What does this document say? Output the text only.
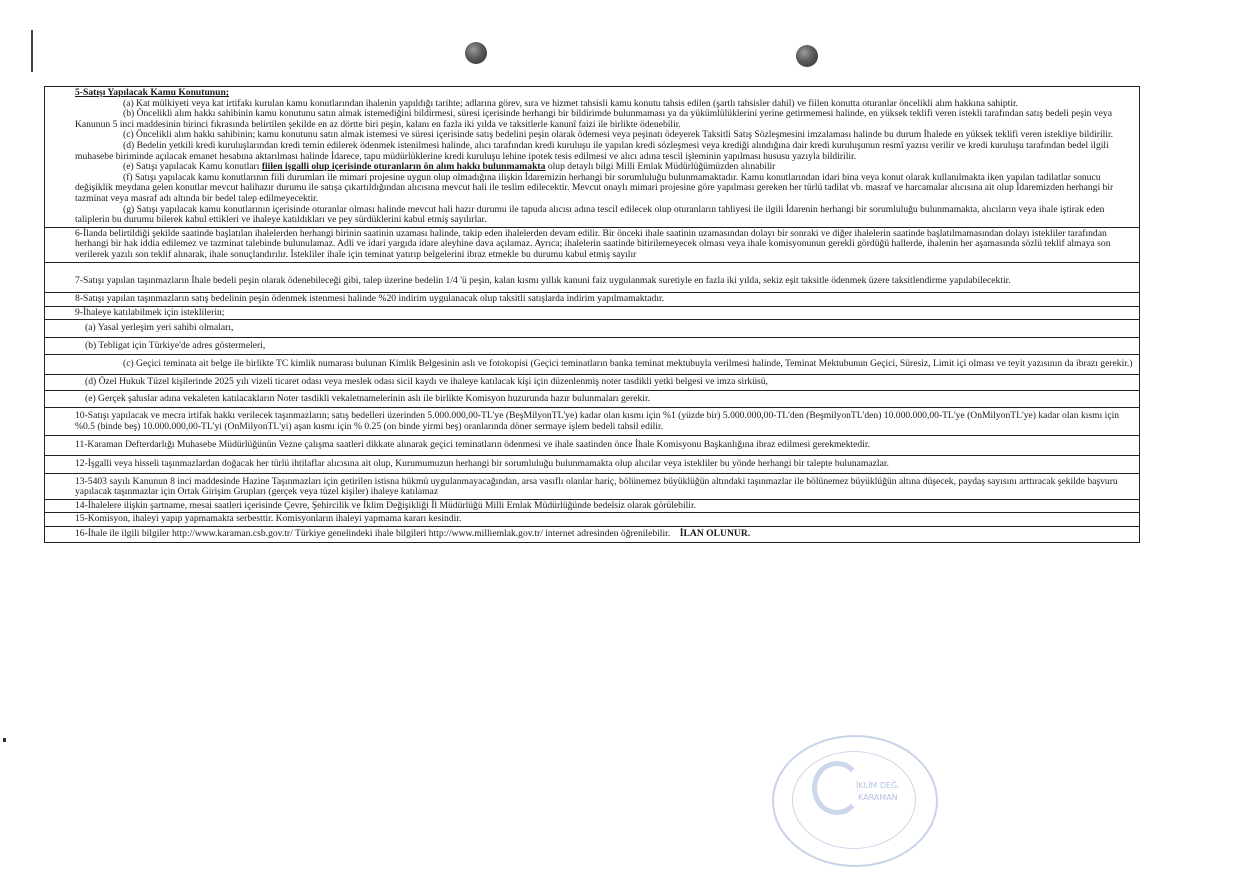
5-Satışı Yapılacak Kamu Konutunun;

(a) Kat mülkiyeti veya kat irtifakı kurulan kamu konutlarından ihalenin yapıldığı tarihte; adlarına görev, sıra ve hizmet tahsisli kamu konutu tahsis edilen (şartlı tahsisler dahil) ve fiilen konutta oturanlar öncelikli alım hakkına sahiptir.

(b) Öncelikli alım hakkı sahibinin kamu konutunu satın almak istemediğini bildirmesi, süresi içerisinde herhangi bir bildirimde bulunmaması ya da yükümlülüklerini yerine getirmemesi halinde, en yüksek teklifi veren istekli tarafından satış bedeli peşin veya Kanunun 5 inci maddesinin birinci fıkrasında belirtilen şekilde en az dörtte biri peşin, kalanı en fazla iki yılda ve taksitlerle kanunî faizi ile birlikte ödenebilir.

(c) Öncelikli alım hakkı sahibinin; kamu konutunu satın almak istemesi ve süresi içerisinde satış bedelini peşin olarak ödemesi veya peşinatı ödeyerek Taksitli Satış Sözleşmesini imzalaması halinde bu durum İhalede en yüksek teklifi veren istekliye bildirilir.

(d) Bedelin yetkili kredi kuruluşlarından kredi temin edilerek ödenmek istenilmesi halinde, alıcı tarafından kredi kuruluşu ile yapılan kredi sözleşmesi veya krediği alındığına dair kredi kuruluşunun resmî yazısı verilir ve kredi kuruluşu tarafından bedel ilgili muhasebe biriminde açılacak emanet hesabına aktarılması halinde İdarece, tapu müdürlüklerine kredi kuruluşu lehine ipotek tesis edilmesi ve alıcı adına tescil işleminin yapılması hususu yazıyla bildirilir.

(e) Satışı yapılacak Kamu konutları fiilen işgalli olup içerisinde oturanların ön alım hakkı bulunmamakta olup detaylı bilgi Milli Emlak Müdürlüğümüzden alınabilir

(f) Satışı yapılacak kamu konutlarının fiili durumları ile mimari projesine uygun olup olmadığına ilişkin İdaremizin herhangi bir sorumluluğu bulunmamaktadır. Kamu konutlarından idari bina veya konut olarak kullanılmakta iken yapılan tadilatlar sonucu değişiklik meydana gelen konutlar mevcut halihazır durumu ile satışa çıkartıldığından alıcısına mevcut hali ile teslim edilecektir. Mevcut onaylı mimari projesine göre yapılması gereken her türlü tadilat vb. masraf ve harcamalar alıcısına ait olup İdaremizden herhangi bir tazminat veya masraf adı altında bir bedel talep edilmeyecektir.

(g) Satışı yapılacak kamu konutlarının içerisinde oturanlar olması halinde mevcut hali hazır durumu ile tapuda alıcısı adına tescil edilecek olup oturanların tahliyesi ile ilgili İdarenin herhangi bir sorumluluğu bulunmamakta, alıcıların veya ihale iştirak eden taliplerin bu durumu bilerek kabul ettikleri ve ihaleye katıldıkları ve pey sürdüklerini kabul etmiş sayılırlar.

6-İlanda belirtildiği şekilde saatinde başlatılan ihalelerden herhangi birinin saatinin uzaması halinde, takip eden ihalelerden devam edilir. Bir önceki ihale saatinin uzamasından dolayı bir sonraki ve diğer ihalelerin saatinde başlatılmamasından dolayı istekliler tarafından herhangi bir hak iddia edilemez ve tazminat talebinde bulunulamaz. Adli ve idari yargıda idare aleyhine dava açılamaz. Ayrıca; ihalelerin saatinde bitirilemeyecek olması veya ihale komisyonunun gerekli gördüğü hallerde, ihalenin her aşamasında sözlü teklif almaya son verilerek yazılı son teklif alınarak, ihale sonuçlandırılır. İstekliler ihale için teminat yatırıp belgelerini ibraz etmekle bu durumu kabul etmiş sayılır

7-Satışı yapılan taşınmazların İhale bedeli peşin olarak ödenebileceği gibi, talep üzerine bedelin 1/4 'ü peşin, kalan kısmı yıllık kanuni faiz uygulanmak suretiyle en fazla iki yılda, sekiz eşit taksitle ödenmek üzere taksitlendirme yapılabilecektir.

8-Satışı yapılan taşınmazların satış bedelinin peşin ödenmek istenmesi halinde %20 indirim uygulanacak olup taksitli satışlarda indirim yapılmamaktadır.

9-İhaleye katılabilmek için isteklilerin;

(a) Yasal yerleşim yeri sahibi olmaları,

(b) Tebligat için Türkiye'de adres göstermeleri,

(c) Geçici teminata ait belge ile birlikte TC kimlik numarası bulunan Kimlik Belgesinin aslı ve fotokopisi (Geçici teminatların banka teminat mektubuyla verilmesi halinde, Teminat Mektubunun Geçici, Süresiz, Limit içi olması ve teyit yazısının da ibrazı gerekir.)

(d) Özel Hukuk Tüzel kişilerinde 2025 yılı vizeli ticaret odası veya meslek odası sicil kaydı ve ihaleye katılacak kişi için düzenlenmiş noter tasdikli yetki belgesi ve imza sirküsü,

(e) Gerçek şahıslar adına vekaleten katılacakların Noter tasdikli vekaletnamelerinin aslı ile birlikte Komisyon huzurunda hazır bulunmaları gerekir.

10-Satışı yapılacak ve mecra irtifak hakkı verilecek taşınmazların; satış bedelleri üzerinden 5.000.000,00-TL'ye (BeşMilyonTL'ye) kadar olan kısmı için %1 (yüzde bir) 5.000.000,00-TL'den (BeşmilyonTL'den) 10.000.000,00-TL'ye (OnMilyonTL'ye) kadar olan kısmı için %0.5 (binde beş) 10.000.000,00-TL'yi (OnMilyonTL'yi) aşan kısmı için % 0.25 (on binde yirmi beş) oranlarında döner sermaye işlem bedeli tahsil edilir.

11-Karaman Defterdarlığı Muhasebe Müdürlüğünün Vezne çalışma saatleri dikkate alınarak geçici teminatların ödenmesi ve ihale saatinden önce İhale Komisyonu Başkanlığına ibraz edilmesi gerekmektedir.

12-İşgalli veya hisseli taşınmazlardan doğacak her türlü ihtilaflar alıcısına ait olup, Kurumumuzun herhangi bir sorumluluğu bulunmamakta olup alıcılar veya istekliler bu yönde herhangi bir talepte bulunamazlar.

13-5403 sayılı Kanunun 8 inci maddesinde Hazine Taşınmazları için getirilen istisna hükmü uygulanmayacağından, arsa vasıflı olanlar hariç, bölünemez büyüklüğün altındaki taşınmazlar ile bölünemez büyüklüğün altına düşecek, paydaş sayısını arttıracak şekilde başvuru yapılacak taşınmazlar için Ortak Girişim Grupları (gerçek veya tüzel kişiler) ihaleye katılamaz

14-İhalelere ilişkin şartname, mesai saatleri içerisinde Çevre, Şehircilik ve İklim Değişikliği İl Müdürlüğü Milli Emlak Müdürlüğünde bedelsiz olarak görülebilir.

15-Komisyon, ihaleyi yapıp yapmamakta serbesttir. Komisyonların ihaleyi yapmama kararı kesindir.

16-İhale ile ilgili bilgiler http://www.karaman.csb.gov.tr/ Türkiye genelindeki ihale bilgileri http://www.milliemlak.gov.tr/ internet adresinden öğrenilebilir. İLAN OLUNUR.

KARAMAN
İKLİM DEĞ.
